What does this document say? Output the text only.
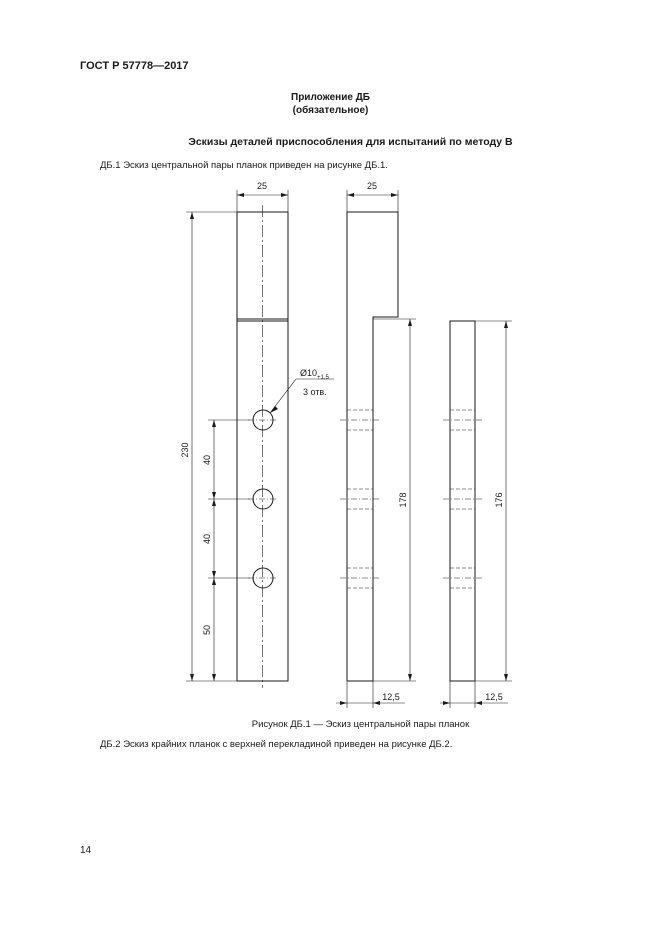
ГОСТ Р 57778—2017
Приложение ДБ
(обязательное)
Эскизы деталей приспособления для испытаний по методу В
ДБ.1 Эскиз центральной пары планок приведен на рисунке ДБ.1.
25	25
230
40
40
50
178	176
12,5	12,5
$Ø10_{+1,5}$
3 отв.
Рисунок ДБ.1 — Эскиз центральной пары планок
ДБ.2 Эскиз крайних планок с верхней перекладиной приведен на рисунке ДБ.2.
14
